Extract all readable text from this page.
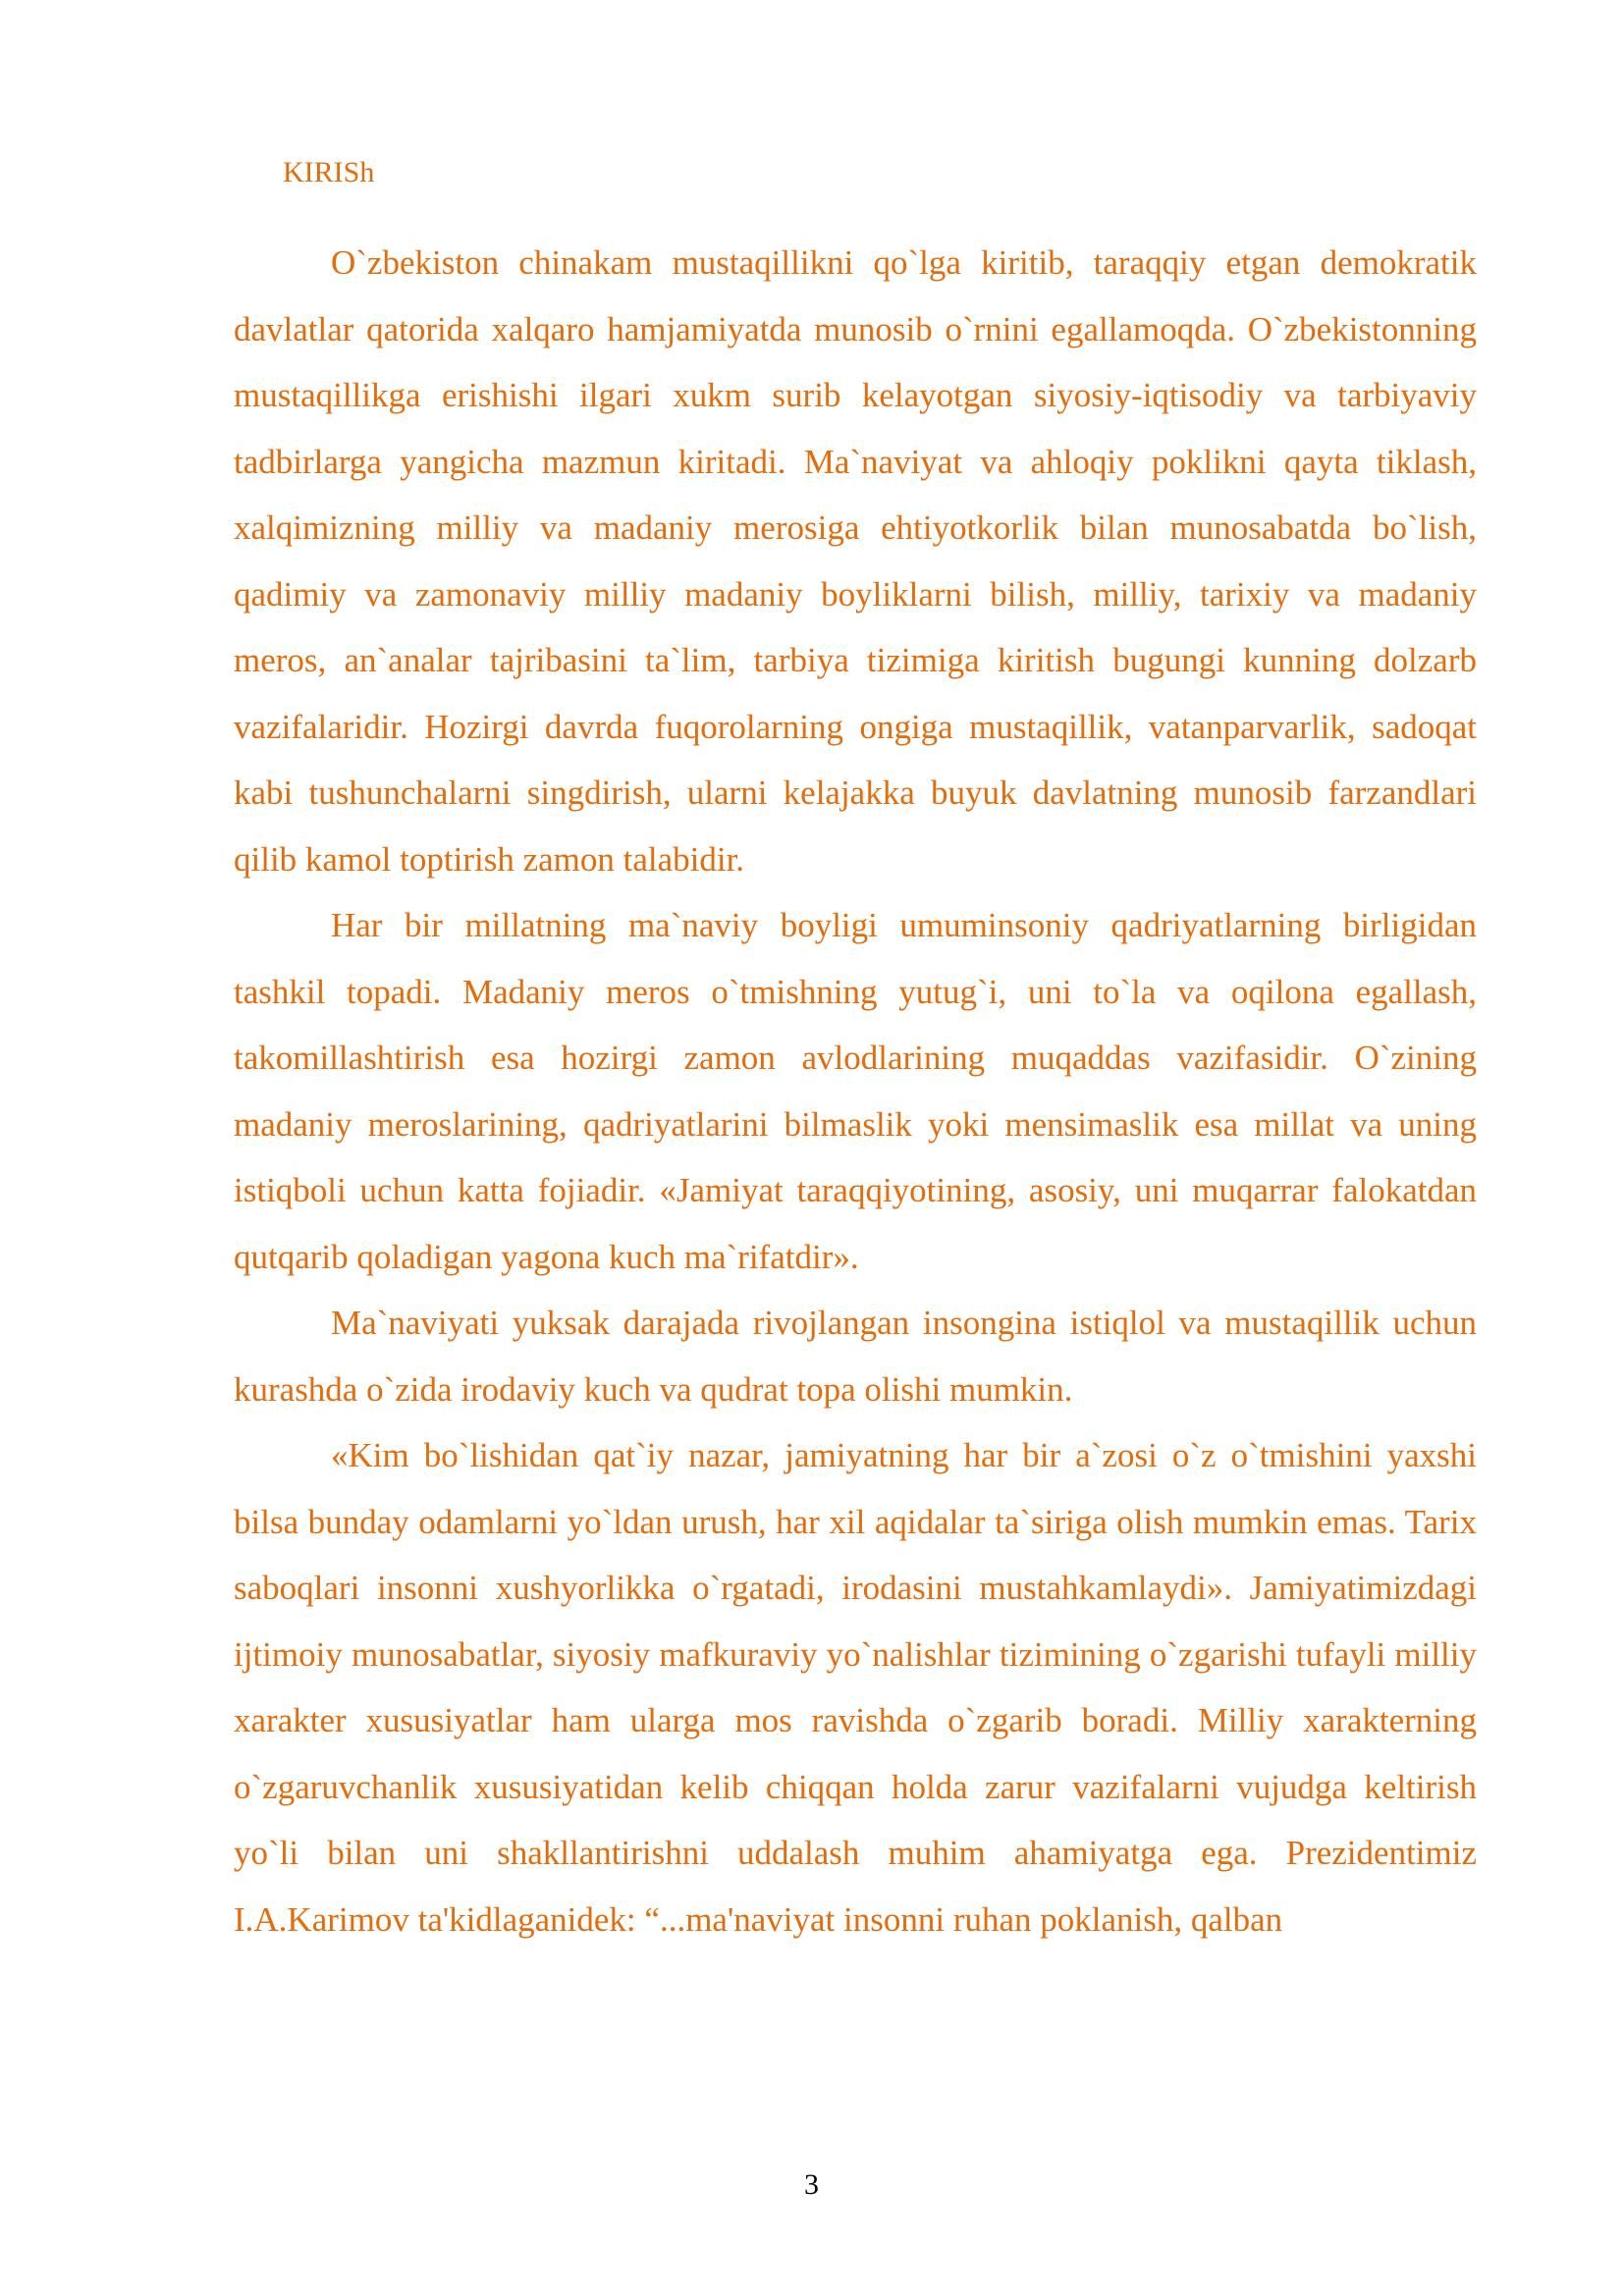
KIRISh

O`zbekiston chinakam mustaqillikni qo`lga kiritib, taraqqiy etgan demokratik davlatlar qatorida xalqaro hamjamiyatda munosib o`rnini egallamoqda. O`zbekistonning mustaqillikga erishishi ilgari xukm surib kelayotgan siyosiy-iqtisodiy va tarbiyaviy tadbirlarga yangicha mazmun kiritadi. Ma`naviyat va ahloqiy poklikni qayta tiklash, xalqimizning milliy va madaniy merosiga ehtiyotkorlik bilan munosabatda bo`lish, qadimiy va zamonaviy milliy madaniy boyliklarni bilish, milliy, tarixiy va madaniy meros, an`analar tajribasini ta`lim, tarbiya tizimiga kiritish bugungi kunning dolzarb vazifalaridir. Hozirgi davrda fuqorolarning ongiga mustaqillik, vatanparvarlik, sadoqat kabi tushunchalarni singdirish, ularni kelajakka buyuk davlatning munosib farzandlari qilib kamol toptirish zamon talabidir.

Har bir millatning ma`naviy boyligi umuminsoniy qadriyatlarning birligidan tashkil topadi. Madaniy meros o`tmishning yutug`i, uni to`la va oqilona egallash, takomillashtirish esa hozirgi zamon avlodlarining muqaddas vazifasidir. O`zining madaniy meroslarining, qadriyatlarini bilmaslik yoki mensimaslik esa millat va uning istiqboli uchun katta fojiadir. «Jamiyat taraqqiyotining, asosiy, uni muqarrar falokatdan qutqarib qoladigan yagona kuch ma`rifatdir».

Ma`naviyati yuksak darajada rivojlangan insongina istiqlol va mustaqillik uchun kurashda o`zida irodaviy kuch va qudrat topa olishi mumkin.

«Kim bo`lishidan qat`iy nazar, jamiyatning har bir a`zosi o`z o`tmishini yaxshi bilsa bunday odamlarni yo`ldan urush, har xil aqidalar ta`siriga olish mumkin emas. Tarix saboqlari insonni xushyorlikka o`rgatadi, irodasini mustahkamlaydi». Jamiyatimizdagi ijtimoiy munosabatlar, siyosiy mafkuraviy yo`nalishlar tizimining o`zgarishi tufayli milliy xarakter xususiyatlar ham ularga mos ravishda o`zgarib boradi. Milliy xarakterning o`zgaruvchanlik xususiyatidan kelib chiqqan holda zarur vazifalarni vujudga keltirish yo`li bilan uni shakllantirishni uddalash muhim ahamiyatga ega. Prezidentimiz I.A.Karimov ta'kidlaganidek: “...ma'naviyat insonni ruhan poklanish, qalban

3
